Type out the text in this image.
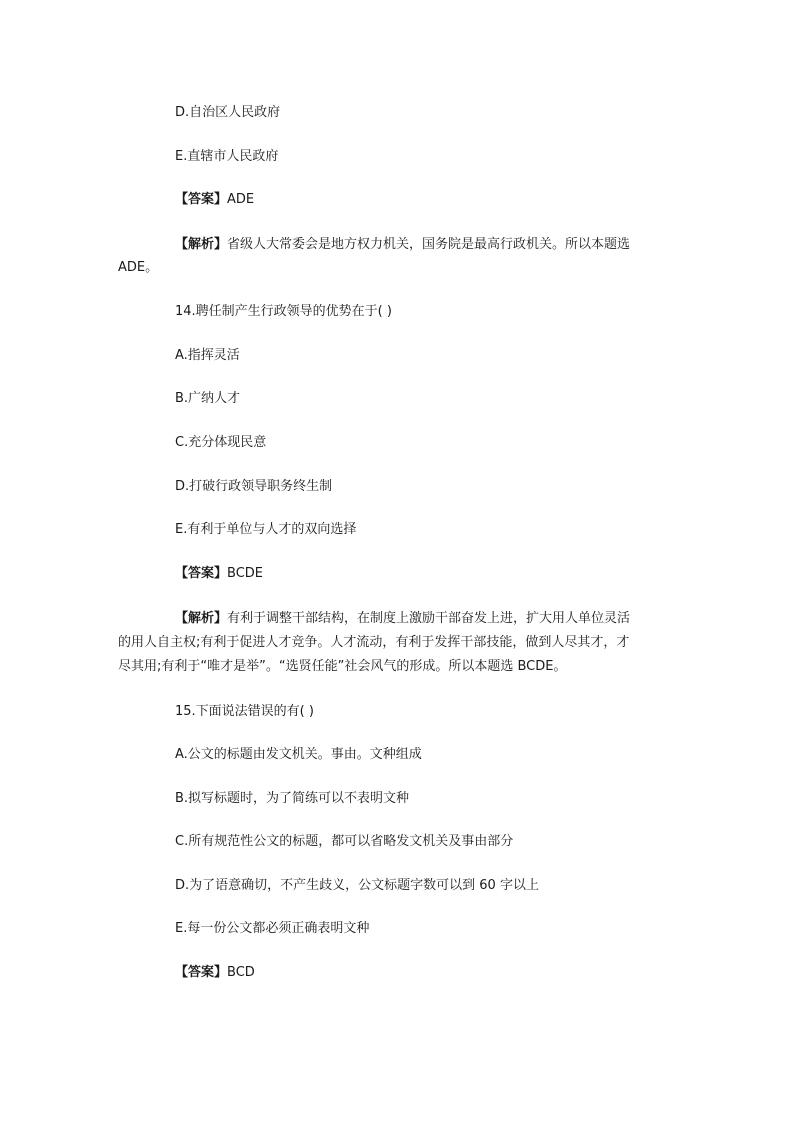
D.自治区人民政府
E.直辖市人民政府
【答案】ADE
【解析】省级人大常委会是地方权力机关，国务院是最高行政机关。所以本题选
ADE。
14.聘任制产生行政领导的优势在于( )
A.指挥灵活
B.广纳人才
C.充分体现民意
D.打破行政领导职务终生制
E.有利于单位与人才的双向选择
【答案】BCDE
【解析】有利于调整干部结构，在制度上激励干部奋发上进，扩大用人单位灵活
的用人自主权;有利于促进人才竞争。人才流动，有利于发挥干部技能，做到人尽其才，才
尽其用;有利于“唯才是举”。“选贤任能”社会风气的形成。所以本题选 BCDE。
15.下面说法错误的有( )
A.公文的标题由发文机关。事由。文种组成
B.拟写标题时，为了简练可以不表明文种
C.所有规范性公文的标题，都可以省略发文机关及事由部分
D.为了语意确切，不产生歧义，公文标题字数可以到 60 字以上
E.每一份公文都必须正确表明文种
【答案】BCD
